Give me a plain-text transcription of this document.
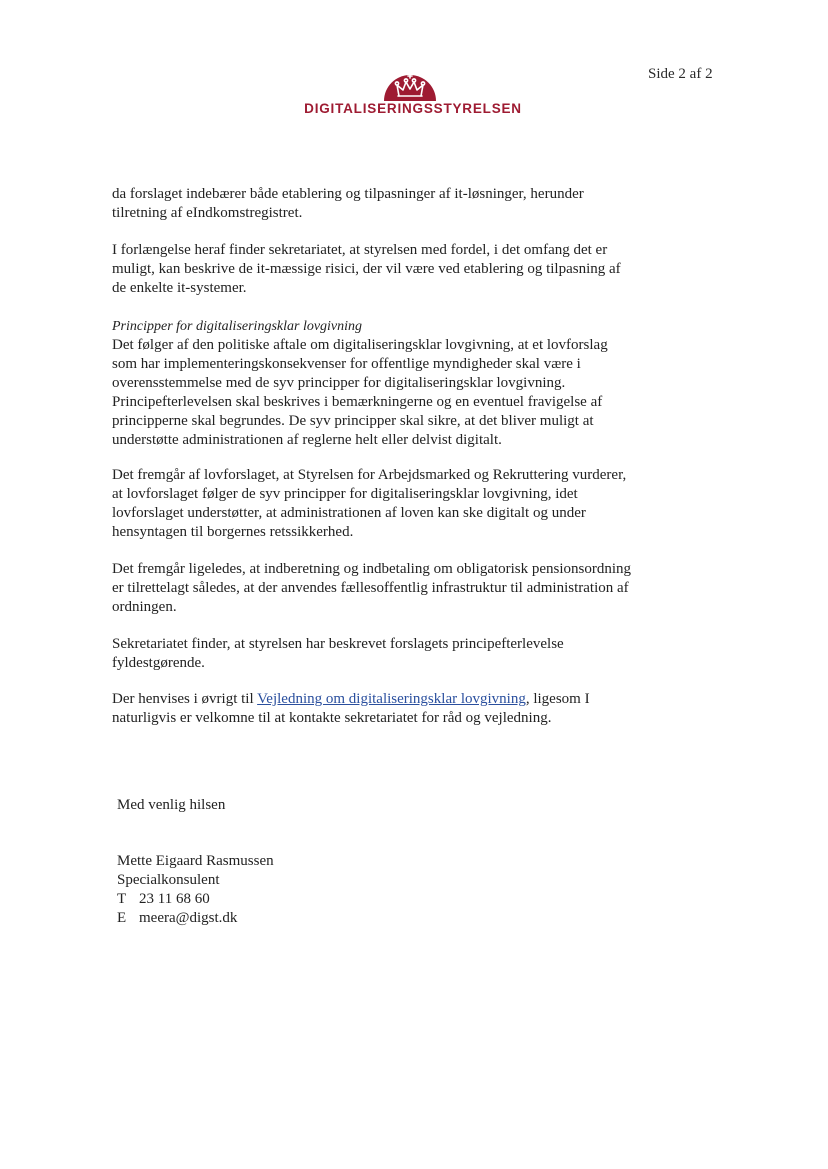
Side 2 af 2
DIGITALISERINGSSTYRELSEN

da forslaget indebærer både etablering og tilpasninger af it-løsninger, herunder tilretning af eIndkomstregistret.

I forlængelse heraf finder sekretariatet, at styrelsen med fordel, i det omfang det er muligt, kan beskrive de it-mæssige risici, der vil være ved etablering og tilpasning af de enkelte it-systemer.

Principper for digitaliseringsklar lovgivning

Det følger af den politiske aftale om digitaliseringsklar lovgivning, at et lovforslag som har implementeringskonsekvenser for offentlige myndigheder skal være i overensstemmelse med de syv principper for digitaliseringsklar lovgivning. Principefterlevelsen skal beskrives i bemærkningerne og en eventuel fravigelse af principperne skal begrundes. De syv principper skal sikre, at det bliver muligt at understøtte administrationen af reglerne helt eller delvist digitalt.

Det fremgår af lovforslaget, at Styrelsen for Arbejdsmarked og Rekruttering vurderer, at lovforslaget følger de syv principper for digitaliseringsklar lovgivning, idet lovforslaget understøtter, at administrationen af loven kan ske digitalt og under hensyntagen til borgernes retssikkerhed.

Det fremgår ligeledes, at indberetning og indbetaling om obligatorisk pensionsordning er tilrettelagt således, at der anvendes fællesoffentlig infrastruktur til administration af ordningen.

Sekretariatet finder, at styrelsen har beskrevet forslagets principefterlevelse fyldestgørende.

Der henvises i øvrigt til Vejledning om digitaliseringsklar lovgivning, ligesom I naturligvis er velkomne til at kontakte sekretariatet for råd og vejledning.

Med venlig hilsen
Mette Eigaard Rasmussen
Specialkonsulent
T 23 11 68 60
E meera@digst.dk
